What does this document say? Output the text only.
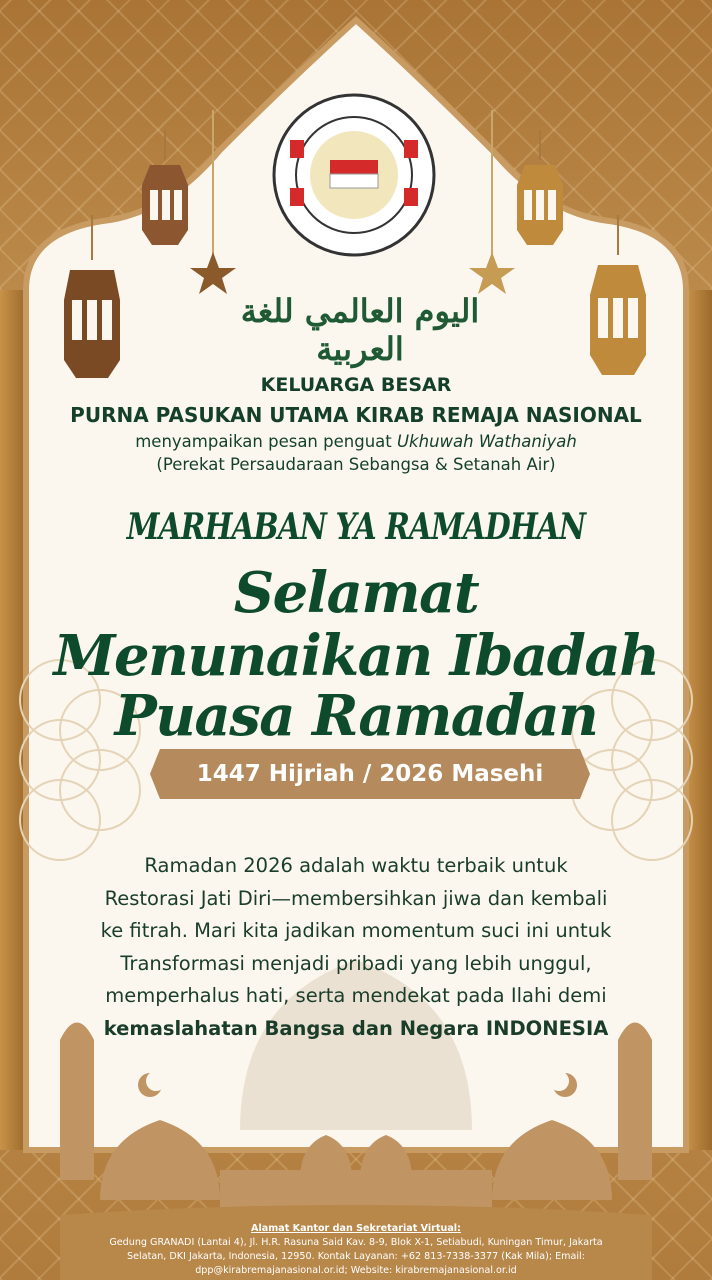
اليوم العالمي للغة العربية
KELUARGA BESAR
PURNA PASUKAN UTAMA KIRAB REMAJA NASIONAL
menyampaikan pesan penguat Ukhuwah Wathaniyah
(Perekat Persaudaraan Sebangsa & Setanah Air)
MARHABAN YA RAMADHAN
Selamat
Menunaikan Ibadah
Puasa Ramadan
1447 Hijriah / 2026 Masehi
Ramadan 2026 adalah waktu terbaik untuk
Restorasi Jati Diri—membersihkan jiwa dan kembali
ke fitrah. Mari kita jadikan momentum suci ini untuk
Transformasi menjadi pribadi yang lebih unggul,
memperhalus hati, serta mendekat pada Ilahi demi
kemaslahatan Bangsa dan Negara INDONESIA
Alamat Kantor dan Sekretariat Virtual:
Gedung GRANADI (Lantai 4), Jl. H.R. Rasuna Said Kav. 8-9, Blok X-1, Setiabudi, Kuningan Timur, Jakarta
Selatan, DKI Jakarta, Indonesia, 12950. Kontak Layanan: +62 813-7338-3377 (Kak Mila); Email:
dpp@kirabremajanasional.or.id; Website: kirabremajanasional.or.id
